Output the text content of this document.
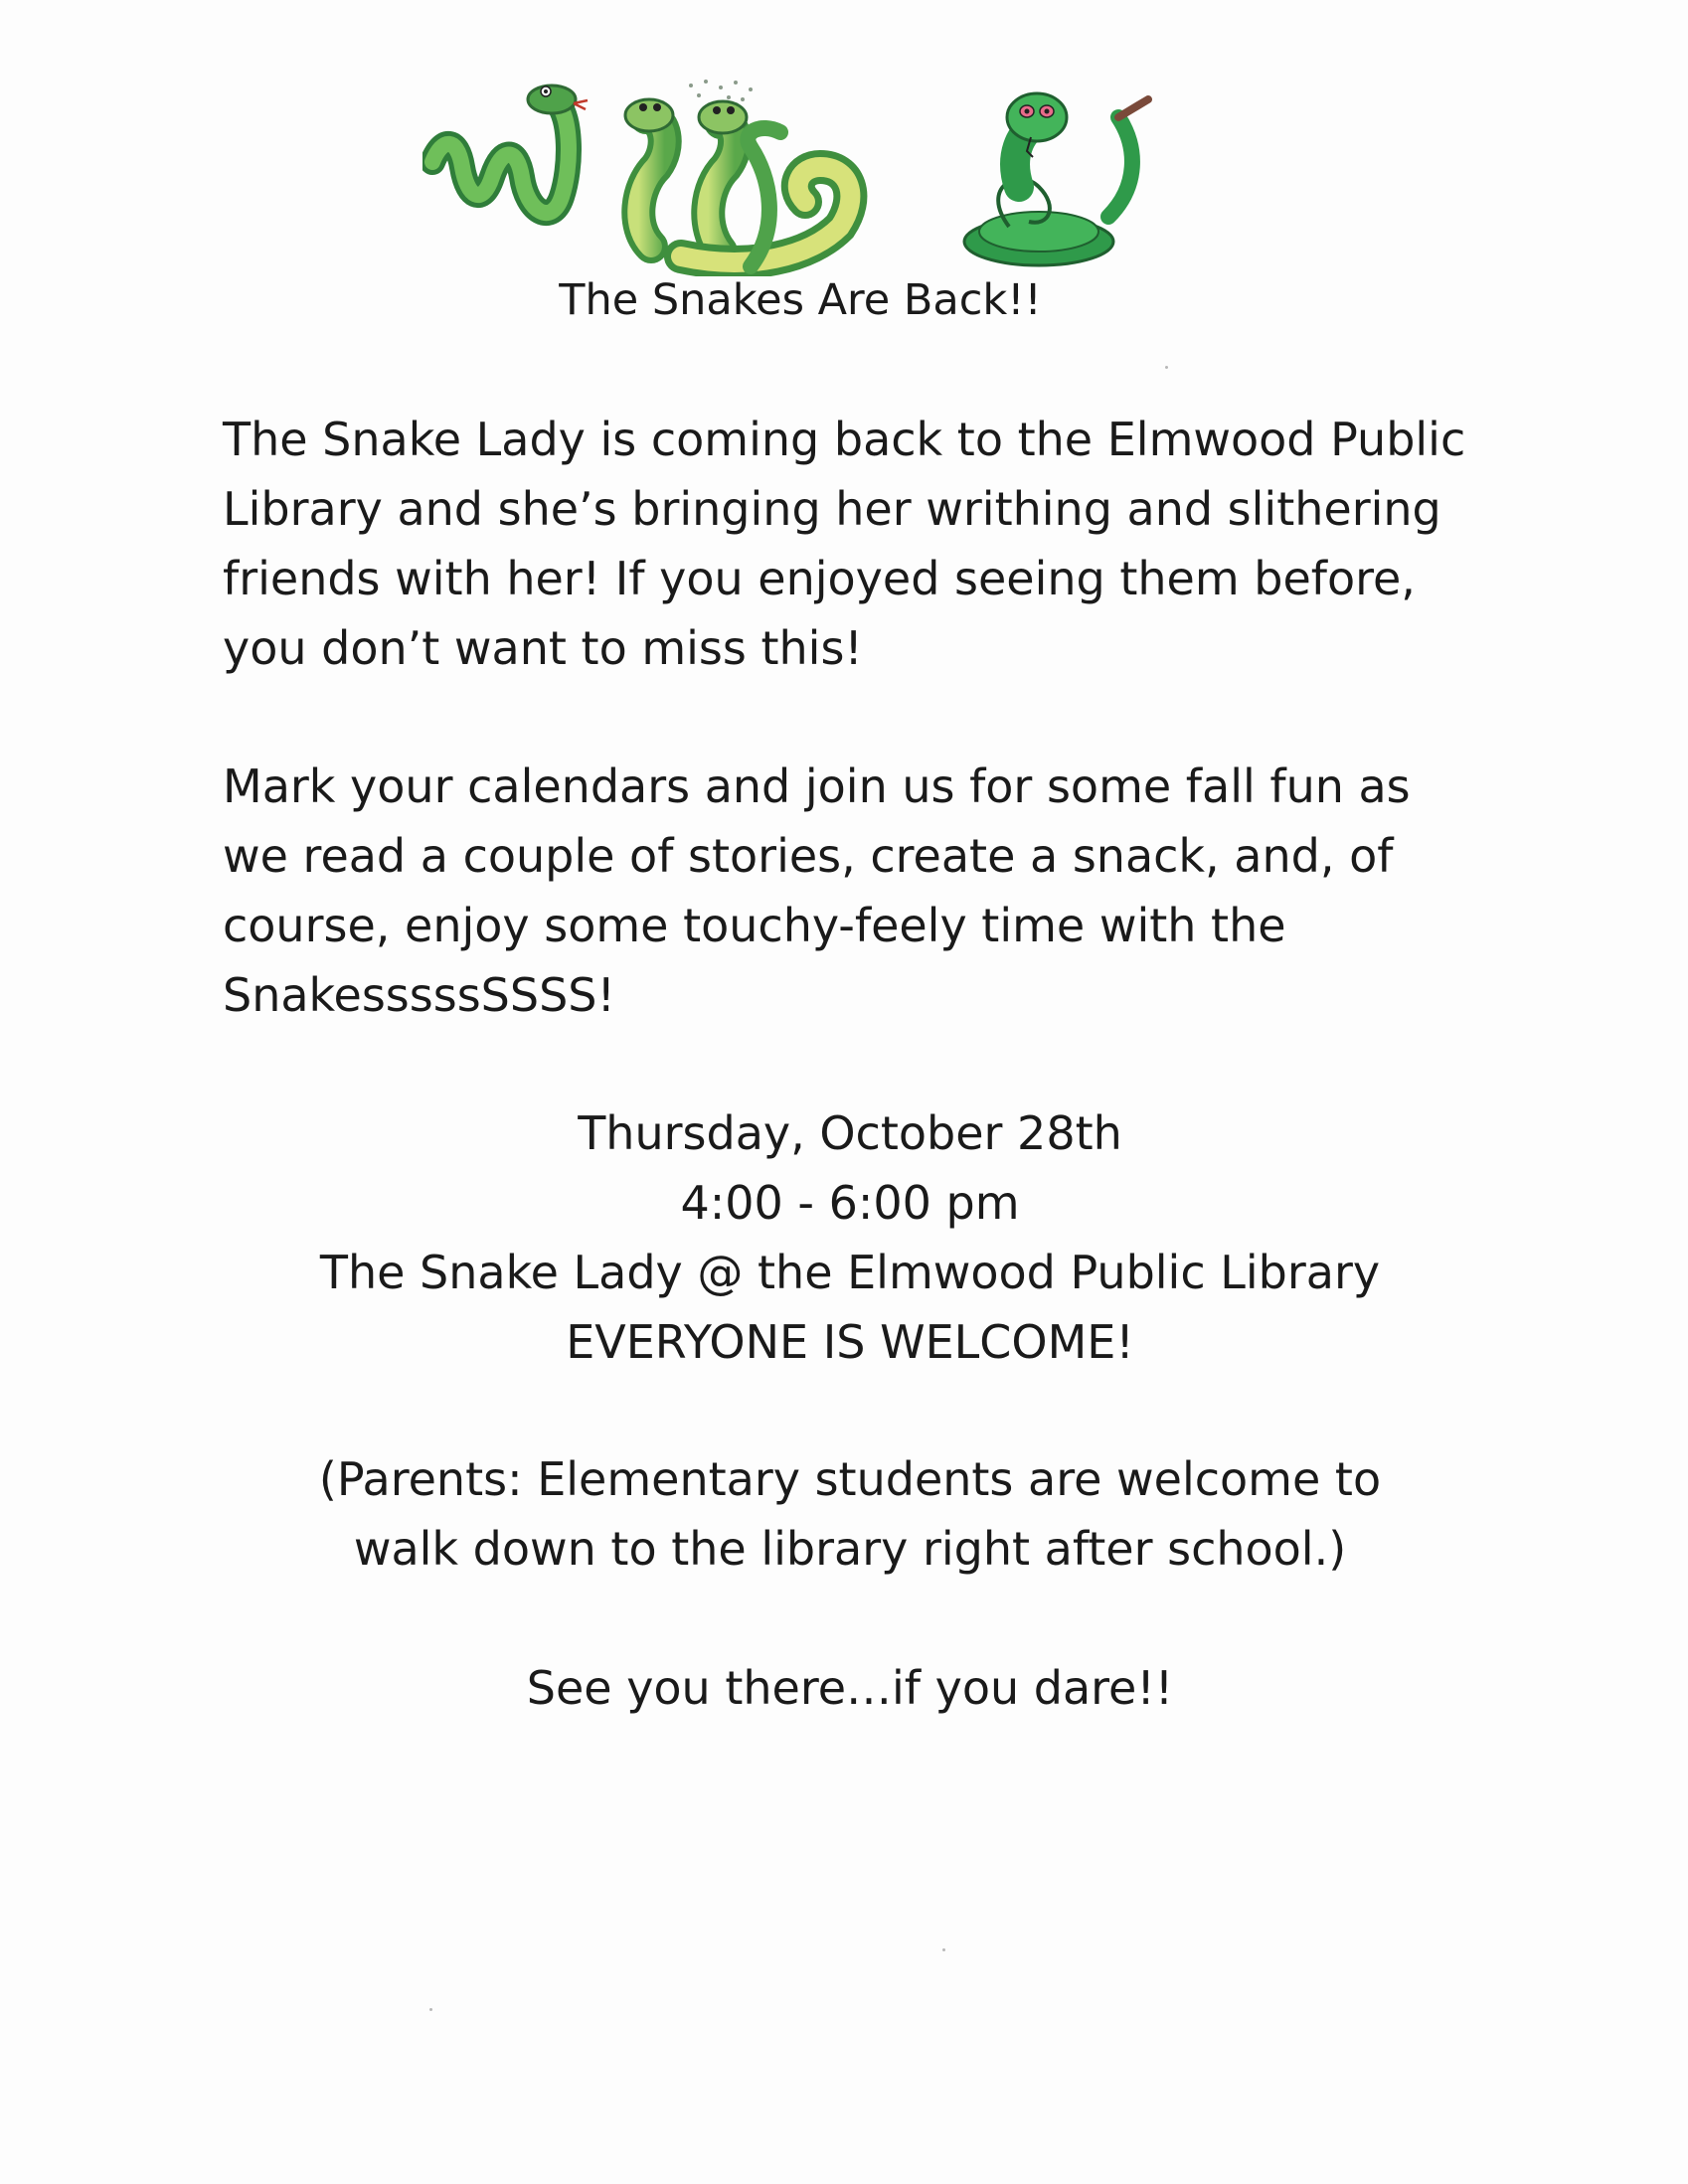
The Snakes Are Back!!

The Snake Lady is coming back to the Elmwood Public
Library and she’s bringing her writhing and slithering
friends with her! If you enjoyed seeing them before,
you don’t want to miss this!

Mark your calendars and join us for some fall fun as
we read a couple of stories, create a snack, and, of
course, enjoy some touchy-feely time with the
SnakesssssSSSS!

Thursday, October 28th
4:00 - 6:00 pm
The Snake Lady @ the Elmwood Public Library
EVERYONE IS WELCOME!
(Parents: Elementary students are welcome to
walk down to the library right after school.)
See you there…if you dare!!
